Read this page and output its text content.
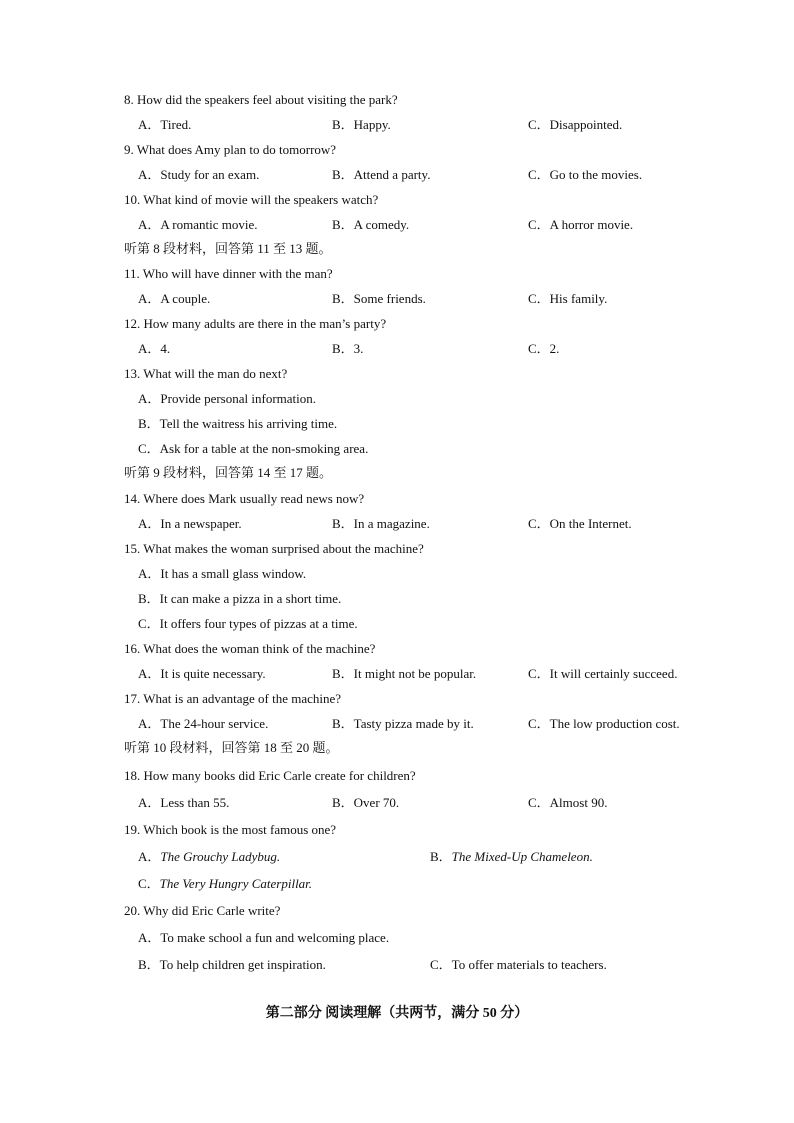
8. How did the speakers feel about visiting the park?
A．Tired.	B．Happy.	C．Disappointed.
9. What does Amy plan to do tomorrow?
A．Study for an exam.	B．Attend a party.	C．Go to the movies.
10. What kind of movie will the speakers watch?
A．A romantic movie.	B．A comedy.	C．A horror movie.
听第 8 段材料，回答第 11 至 13 题。
11. Who will have dinner with the man?
A．A couple.	B．Some friends.	C．His family.
12. How many adults are there in the man’s party?
A．4.	B．3.	C．2.
13. What will the man do next?
A．Provide personal information.
B．Tell the waitress his arriving time.
C．Ask for a table at the non-smoking area.
听第 9 段材料，回答第 14 至 17 题。
14. Where does Mark usually read news now?
A．In a newspaper.	B．In a magazine.	C．On the Internet.
15. What makes the woman surprised about the machine?
A．It has a small glass window.
B．It can make a pizza in a short time.
C．It offers four types of pizzas at a time.
16. What does the woman think of the machine?
A．It is quite necessary.	B．It might not be popular.	C．It will certainly succeed.
17. What is an advantage of the machine?
A．The 24-hour service.	B．Tasty pizza made by it.	C．The low production cost.
听第 10 段材料，回答第 18 至 20 题。
18. How many books did Eric Carle create for children?
A．Less than 55.	B．Over 70.	C．Almost 90.
19. Which book is the most famous one?
A．The Grouchy Ladybug.	B．The Mixed-Up Chameleon.
C．The Very Hungry Caterpillar.
20. Why did Eric Carle write?
A．To make school a fun and welcoming place.
B．To help children get inspiration.	C．To offer materials to teachers.
第二部分 阅读理解（共两节，满分 50 分）
